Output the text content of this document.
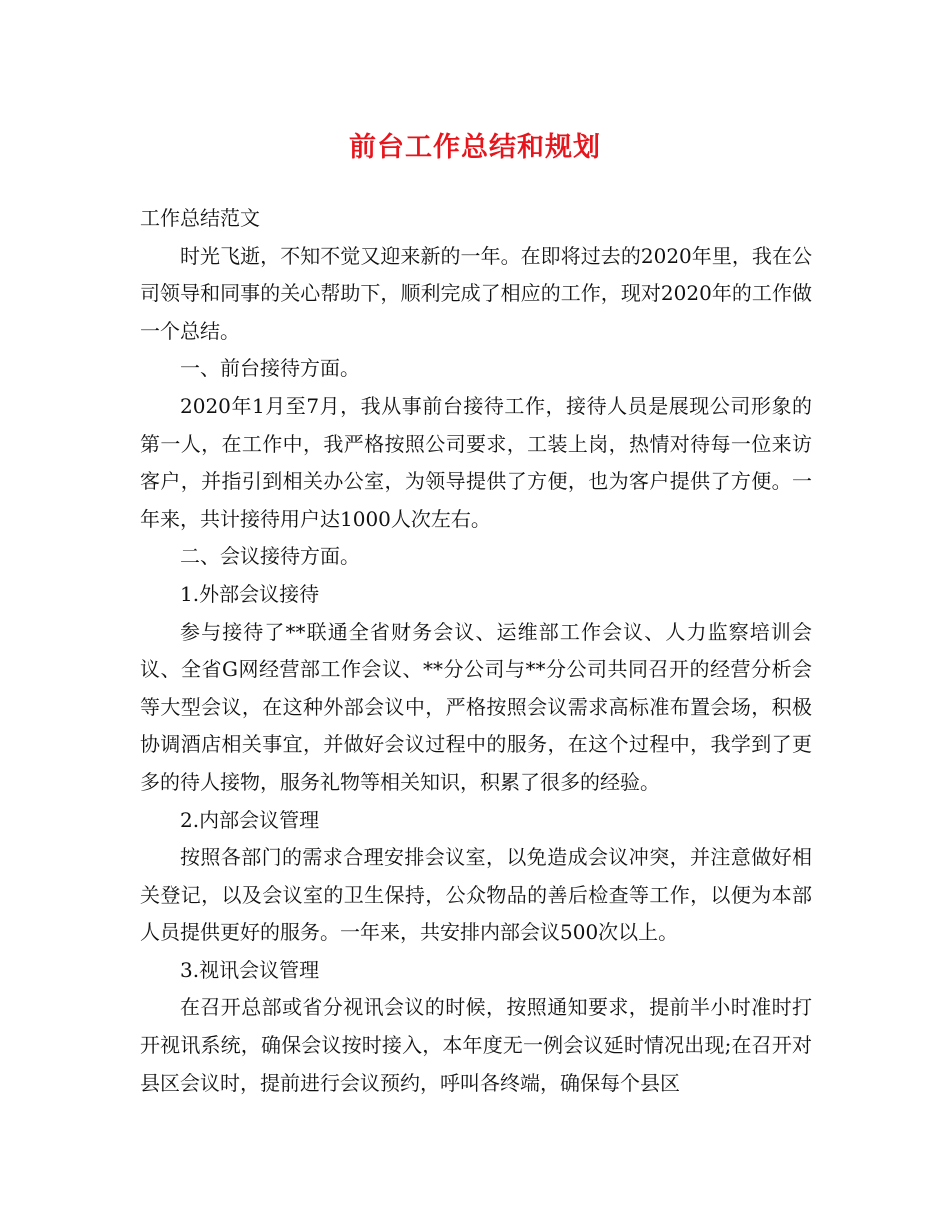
前台工作总结和规划

工作总结范文

时光飞逝，不知不觉又迎来新的一年。在即将过去的2020年里，我在公司领导和同事的关心帮助下，顺利完成了相应的工作，现对2020年的工作做一个总结。

一、前台接待方面。

2020年1月至7月，我从事前台接待工作，接待人员是展现公司形象的第一人，在工作中，我严格按照公司要求，工装上岗，热情对待每一位来访客户，并指引到相关办公室，为领导提供了方便，也为客户提供了方便。一年来，共计接待用户达1000人次左右。

二、会议接待方面。

1.外部会议接待

参与接待了**联通全省财务会议、运维部工作会议、人力监察培训会议、全省G网经营部工作会议、**分公司与**分公司共同召开的经营分析会等大型会议，在这种外部会议中，严格按照会议需求高标准布置会场，积极协调酒店相关事宜，并做好会议过程中的服务，在这个过程中，我学到了更多的待人接物，服务礼物等相关知识，积累了很多的经验。

2.内部会议管理

按照各部门的需求合理安排会议室，以免造成会议冲突，并注意做好相关登记，以及会议室的卫生保持，公众物品的善后检查等工作，以便为本部人员提供更好的服务。一年来，共安排内部会议500次以上。

3.视讯会议管理

在召开总部或省分视讯会议的时候，按照通知要求，提前半小时准时打开视讯系统，确保会议按时接入，本年度无一例会议延时情况出现;在召开对县区会议时，提前进行会议预约，呼叫各终端，确保每个县区
